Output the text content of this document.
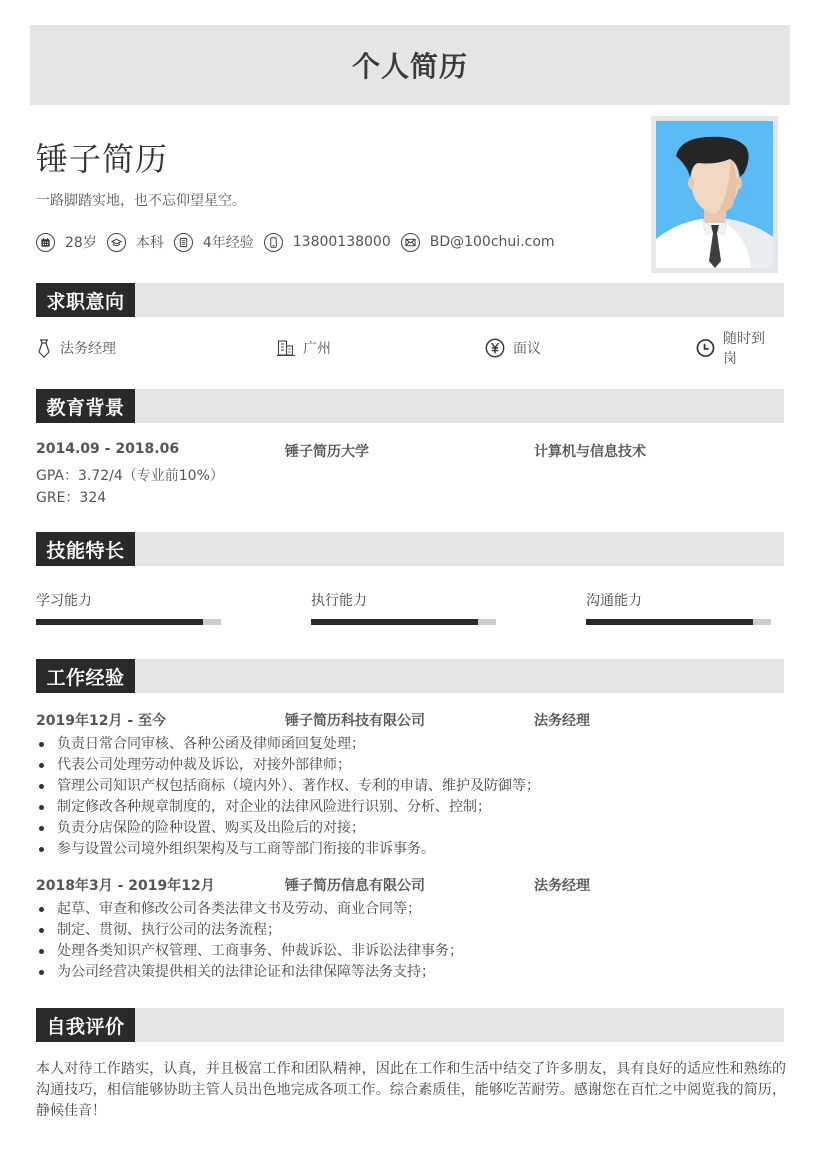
个人简历
锤子简历
一路脚踏实地，也不忘仰望星空。
28岁	本科	4年经验	13800138000	BD@100chui.com
求职意向
法务经理	广州	面议
随时到岗
教育背景
2014.09 - 2018.06	锤子简历大学	计算机与信息技术
GPA：3.72/4（专业前10%）
GRE：324
技能特长
学习能力	执行能力	沟通能力
工作经验
2019年12月 - 至今	锤子简历科技有限公司	法务经理
负责日常合同审核、各种公函及律师函回复处理；
代表公司处理劳动仲裁及诉讼，对接外部律师；
管理公司知识产权包括商标（境内外）、著作权、专利的申请、维护及防御等；
制定修改各种规章制度的，对企业的法律风险进行识别、分析、控制；
负责分店保险的险种设置、购买及出险后的对接；
参与设置公司境外组织架构及与工商等部门衔接的非诉事务。
2018年3月 - 2019年12月	锤子简历信息有限公司	法务经理
起草、审查和修改公司各类法律文书及劳动、商业合同等；
制定、贯彻、执行公司的法务流程；
处理各类知识产权管理、工商事务、仲裁诉讼、非诉讼法律事务；
为公司经营决策提供相关的法律论证和法律保障等法务支持；
自我评价

本人对待工作踏实，认真，并且极富工作和团队精神，因此在工作和生活中结交了许多朋友，具有良好的适应性和熟练的沟通技巧，相信能够协助主管人员出色地完成各项工作。综合素质佳，能够吃苦耐劳。感谢您在百忙之中阅览我的简历，静候佳音！
